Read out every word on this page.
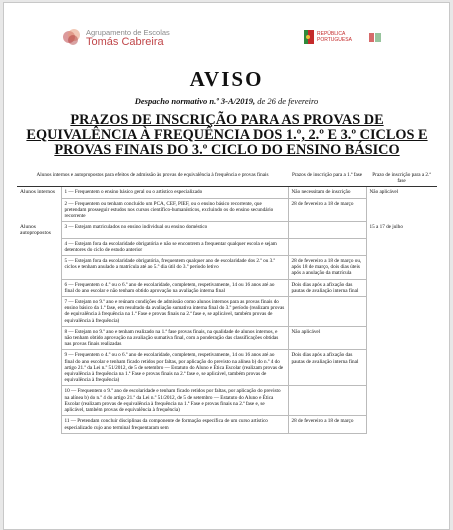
Agrupamento de Escolas
Tomás Cabreira
REPÚBLICA
PORTUGUESA
AVISO
Despacho normativo n.º 3-A/2019, de 26 de fevereiro
PRAZOS DE INSCRIÇÃO PARA AS PROVAS DE EQUIVALÊNCIA À FREQUÊNCIA DOS 1.º, 2.º E 3.º CICLOS E PROVAS FINAIS DO 3.º CICLO DO ENSINO BÁSICO
Alunos internos e autopropostos para efeitos de admissão às provas de equivalência à frequência e provas finais		Prazos de inscrição para a 1.ª fase	Prazo de inscrição para a 2.ª fase
Alunos internos	1 — Frequentem o ensino básico geral ou o artístico especializado	Não necessitam de inscrição	Não aplicável
	2 — Frequentem ou tenham concluído um PCA, CEF, PIEF, ou o ensino básico recorrente, que pretendam prosseguir estudos nos cursos científico-humanísticos, excluindo os do ensino secundário recorrente	28 de fevereiro a 18 de março	
Alunos autopropostos	3 — Estejam matriculados no ensino individual ou ensino doméstico		15 a 17 de julho
	4 — Estejam fora da escolaridade obrigatória e não se encontrem a frequentar qualquer escola e sejam detentores do ciclo de estudo anterior		
	5 — Estejam fora da escolaridade obrigatória, frequentem qualquer ano de escolaridade dos 2.º ou 3.º ciclos e tenham anulado a matrícula até ao 5.º dia útil do 3.º período letivo	28 de fevereiro a 18 de março ou, após 18 de março, dois dias úteis após a anulação da matrícula	
	6 — Frequentem o 4.º ou o 6.º ano de escolaridade, completem, respetivamente, 14 ou 16 anos até ao final do ano escolar e não tenham obtido aprovação na avaliação interna final	Dois dias após a afixação das pautas de avaliação interna final	
	7 — Estejam no 9.º ano e reúnam condições de admissão como alunos internos para as provas finais do ensino básico da 1.ª fase, em resultado da avaliação sumativa interna final do 3.º período (realizam provas de equivalência à frequência na 1.ª Fase e provas finais na 2.ª fase e, se aplicável, também provas de equivalência à frequência)		
	8 — Estejam no 9.º ano e tenham realizado na 1.ª fase provas finais, na qualidade de alunos internos, e não tenham obtido aprovação na avaliação sumativa final, com a ponderação das classificações obtidas nas provas finais realizadas	Não aplicável	
	9 — Frequentem o 4.º ou o 6.º ano de escolaridade, completem, respetivamente, 14 ou 16 anos até ao final do ano escolar e tenham ficado retidos por faltas, por aplicação do previsto na alínea b) do n.º 4 do artigo 21.º da Lei n.º 51/2012, de 5 de setembro — Estatuto do Aluno e Ética Escolar (realizam provas de equivalência à frequência na 1.ª Fase e provas finais na 2.ª fase e, se aplicável, também provas de equivalência à frequência)	Dois dias após a afixação das pautas de avaliação interna final	
	10 — Frequentem o 9.º ano de escolaridade e tenham ficado retidos por faltas, por aplicação do previsto na alínea b) do n.º 4 do artigo 21.º da Lei n.º 51/2012, de 5 de setembro — Estatuto do Aluno e Ética Escolar (realizam provas de equivalência à frequência na 1.ª Fase e provas finais na 2.ª fase e, se aplicável, também provas de equivalência à frequência)		
	11 — Pretendam concluir disciplinas da componente de formação específica de um curso artístico especializado cujo ano terminal frequentaram sem	28 de fevereiro a 18 de março	
